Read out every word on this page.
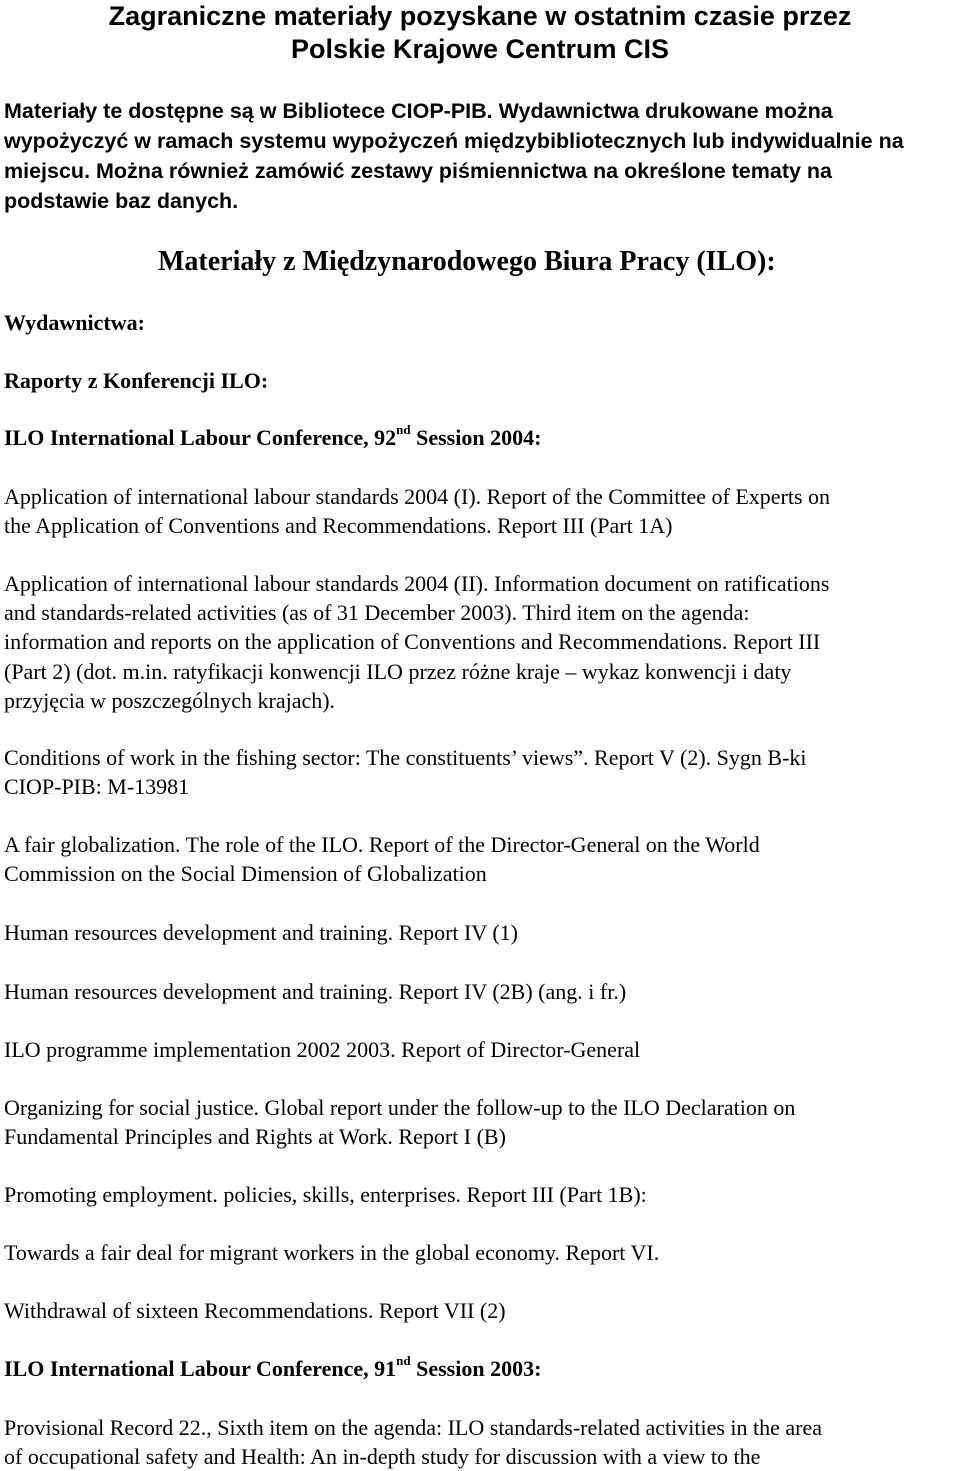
Zagraniczne materiały pozyskane w ostatnim czasie przez
Polskie Krajowe Centrum CIS
Materiały te dostępne są w Bibliotece CIOP-PIB. Wydawnictwa drukowane można
wypożyczyć w ramach systemu wypożyczeń międzybibliotecznych lub indywidualnie na
miejscu. Można również zamówić zestawy piśmiennictwa na określone tematy na
podstawie baz danych.
Materiały z Międzynarodowego Biura Pracy (ILO):
Wydawnictwa:
Raporty z Konferencji ILO:
ILO International Labour Conference, 92nd Session 2004:
Application of international labour standards 2004 (I). Report of the Committee of Experts on
the Application of Conventions and Recommendations. Report III (Part 1A)
Application of international labour standards 2004 (II). Information document on ratifications
and standards-related activities (as of 31 December 2003). Third item on the agenda:
information and reports on the application of Conventions and Recommendations. Report III
(Part 2) (dot. m.in. ratyfikacji konwencji ILO przez różne kraje – wykaz konwencji i daty
przyjęcia w poszczególnych krajach).
Conditions of work in the fishing sector: The constituents’ views”. Report V (2). Sygn B-ki
CIOP-PIB: M-13981
A fair globalization. The role of the ILO. Report of the Director-General on the World
Commission on the Social Dimension of Globalization
Human resources development and training. Report IV (1)
Human resources development and training. Report IV (2B) (ang. i fr.)
ILO programme implementation 2002 2003. Report of Director-General
Organizing for social justice. Global report under the follow-up to the ILO Declaration on
Fundamental Principles and Rights at Work. Report I (B)
Promoting employment. policies, skills, enterprises. Report III (Part 1B):
Towards a fair deal for migrant workers in the global economy. Report VI.
Withdrawal of sixteen Recommendations. Report VII (2)
ILO International Labour Conference, 91nd Session 2003:
Provisional Record 22., Sixth item on the agenda: ILO standards-related activities in the area
of occupational safety and Health: An in-depth study for discussion with a view to the
